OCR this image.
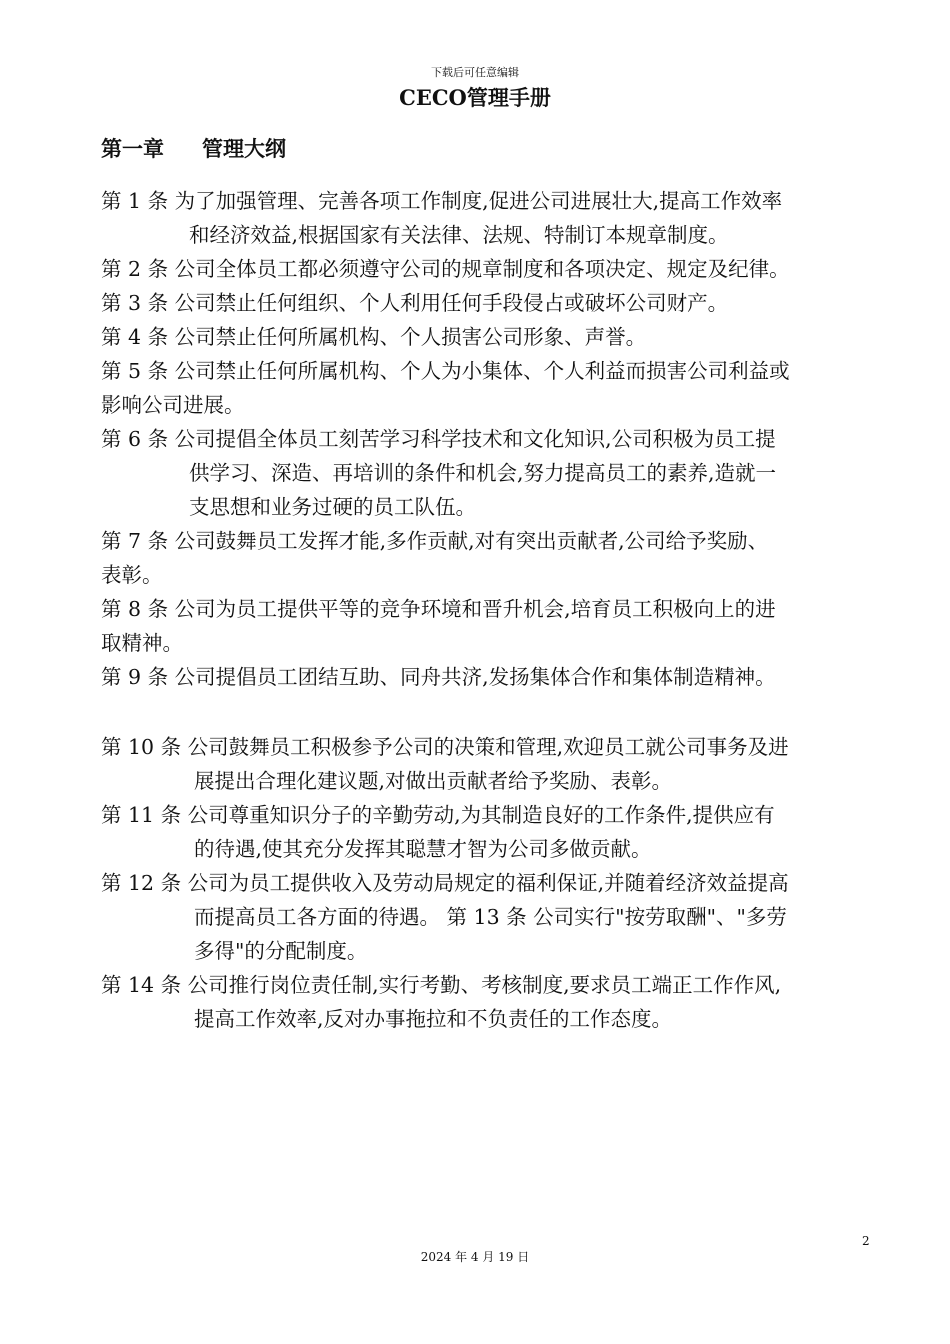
下载后可任意编辑
CECO管理手册
第一章 管理大纲
第 1 条 为了加强管理、完善各项工作制度,促进公司进展壮大,提高工作效率
和经济效益,根据国家有关法律、法规、特制订本规章制度。
第 2 条 公司全体员工都必须遵守公司的规章制度和各项决定、规定及纪律。
第 3 条 公司禁止任何组织、个人利用任何手段侵占或破坏公司财产。
第 4 条 公司禁止任何所属机构、个人损害公司形象、声誉。
第 5 条 公司禁止任何所属机构、个人为小集体、个人利益而损害公司利益或
影响公司进展。
第 6 条 公司提倡全体员工刻苦学习科学技术和文化知识,公司积极为员工提
供学习、深造、再培训的条件和机会,努力提高员工的素养,造就一
支思想和业务过硬的员工队伍。
第 7 条 公司鼓舞员工发挥才能,多作贡献,对有突出贡献者,公司给予奖励、
表彰。
第 8 条 公司为员工提供平等的竞争环境和晋升机会,培育员工积极向上的进
取精神。
第 9 条 公司提倡员工团结互助、同舟共济,发扬集体合作和集体制造精神。
第 10 条 公司鼓舞员工积极参予公司的决策和管理,欢迎员工就公司事务及进
展提出合理化建议题,对做出贡献者给予奖励、表彰。
第 11 条 公司尊重知识分子的辛勤劳动,为其制造良好的工作条件,提供应有
的待遇,使其充分发挥其聪慧才智为公司多做贡献。
第 12 条 公司为员工提供收入及劳动局规定的福利保证,并随着经济效益提高
而提高员工各方面的待遇。 第 13 条 公司实行"按劳取酬"、"多劳
多得"的分配制度。
第 14 条 公司推行岗位责任制,实行考勤、考核制度,要求员工端正工作作风,
提高工作效率,反对办事拖拉和不负责任的工作态度。
2
2024 年 4 月 19 日
